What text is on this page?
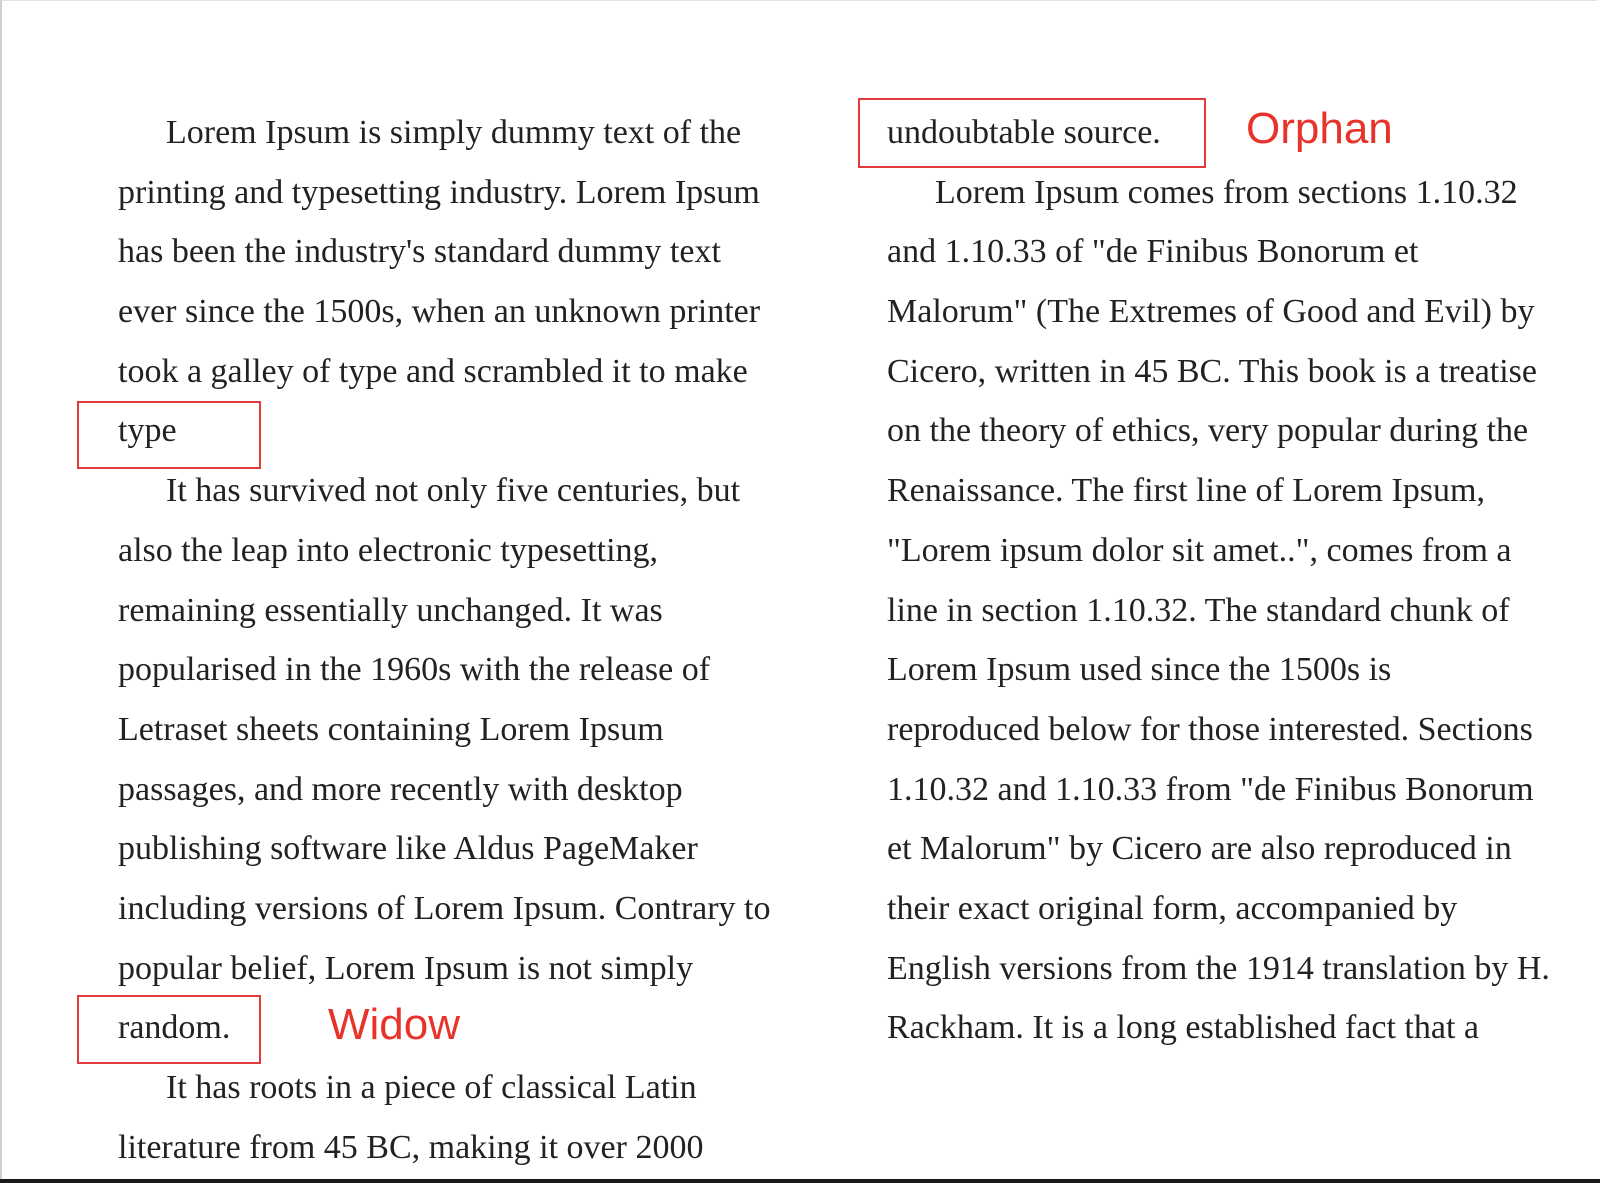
Lorem Ipsum is simply dummy text of the
printing and typesetting industry. Lorem Ipsum
has been the industry's standard dummy text
ever since the 1500s, when an unknown printer
took a galley of type and scrambled it to make
type
It has survived not only five centuries, but
also the leap into electronic typesetting,
remaining essentially unchanged. It was
popularised in the 1960s with the release of
Letraset sheets containing Lorem Ipsum
passages, and more recently with desktop
publishing software like Aldus PageMaker
including versions of Lorem Ipsum. Contrary to
popular belief, Lorem Ipsum is not simply
random.
It has roots in a piece of classical Latin
literature from 45 BC, making it over 2000
undoubtable source.
Lorem Ipsum comes from sections 1.10.32
and 1.10.33 of "de Finibus Bonorum et
Malorum" (The Extremes of Good and Evil) by
Cicero, written in 45 BC. This book is a treatise
on the theory of ethics, very popular during the
Renaissance. The first line of Lorem Ipsum,
"Lorem ipsum dolor sit amet..", comes from a
line in section 1.10.32. The standard chunk of
Lorem Ipsum used since the 1500s is
reproduced below for those interested. Sections
1.10.32 and 1.10.33 from "de Finibus Bonorum
et Malorum" by Cicero are also reproduced in
their exact original form, accompanied by
English versions from the 1914 translation by H.
Rackham. It is a long established fact that a
Orphan
Widow
